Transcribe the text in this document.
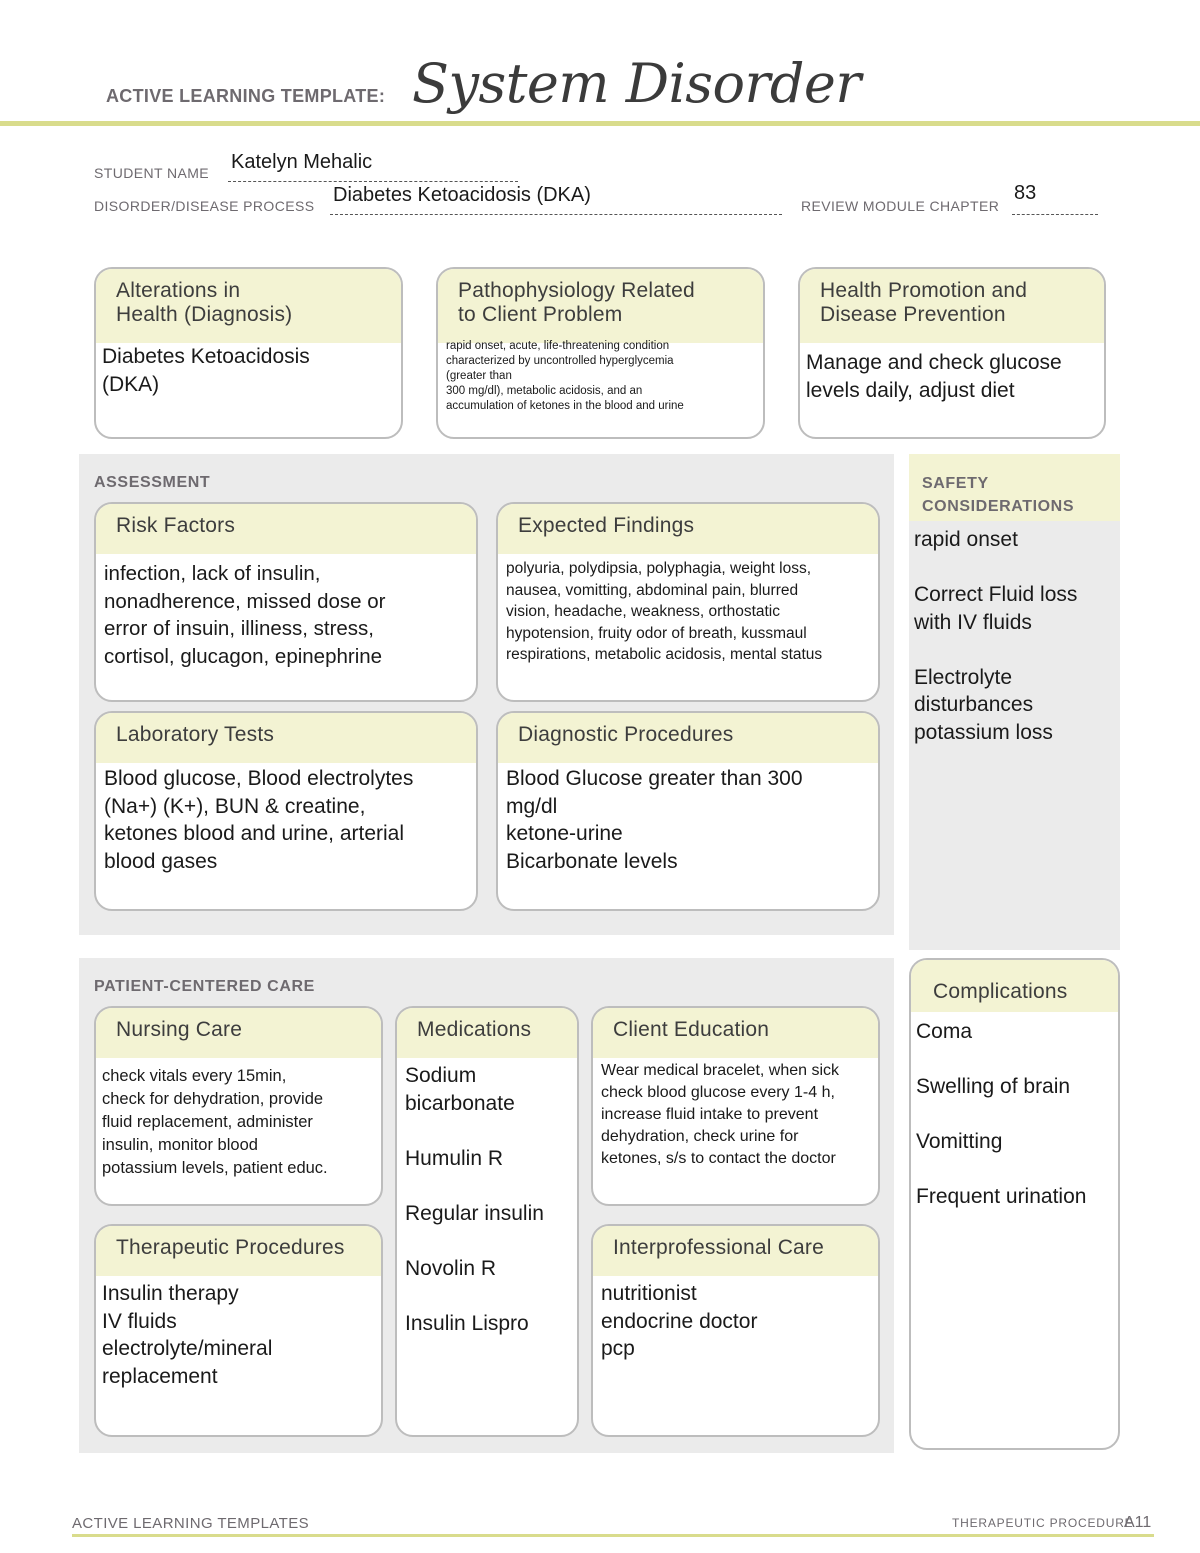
ACTIVE LEARNING TEMPLATE: System Disorder
STUDENT NAME Katelyn Mehalic
DISORDER/DISEASE PROCESS Diabetes Ketoacidosis (DKA)	REVIEW MODULE CHAPTER
83
Alterations in
Health (Diagnosis)
Diabetes Ketoacidosis
(DKA)
Pathophysiology Related
to Client Problem
rapid onset, acute, life-threatening condition
characterized by uncontrolled hyperglycemia
(greater than
300 mg/dl), metabolic acidosis, and an
accumulation of ketones in the blood and urine
Health Promotion and
Disease Prevention
Manage and check glucose
levels daily, adjust diet
ASSESSMENT
Risk Factors
infection, lack of insulin,
nonadherence, missed dose or
error of insuin, illiness, stress,
cortisol, glucagon, epinephrine
Expected Findings
polyuria, polydipsia, polyphagia, weight loss,
nausea, vomitting, abdominal pain, blurred
vision, headache, weakness, orthostatic
hypotension, fruity odor of breath, kussmaul
respirations, metabolic acidosis, mental status
Laboratory Tests
Blood glucose, Blood electrolytes
(Na+) (K+), BUN & creatine,
ketones blood and urine, arterial
blood gases
Diagnostic Procedures
Blood Glucose greater than 300
mg/dl
ketone-urine
Bicarbonate levels
SAFETY
CONSIDERATIONS
rapid onset

Correct Fluid loss
with IV fluids

Electrolyte
disturbances
potassium loss
PATIENT-CENTERED CARE
Nursing Care
check vitals every 15min,
check for dehydration, provide
fluid replacement, administer
insulin, monitor blood
potassium levels, patient educ.
Medications
Sodium
bicarbonate

Humulin R

Regular insulin

Novolin R

Insulin Lispro
Client Education
Wear medical bracelet, when sick
check blood glucose every 1-4 h,
increase fluid intake to prevent
dehydration, check urine for
ketones, s/s to contact the doctor
Therapeutic Procedures
Insulin therapy
IV fluids
electrolyte/mineral
replacement
Interprofessional Care
nutritionist
endocrine doctor
pcp
Complications
Coma

Swelling of brain

Vomitting

Frequent urination
ACTIVE LEARNING TEMPLATES	THERAPEUTIC PROCEDURE
A11
